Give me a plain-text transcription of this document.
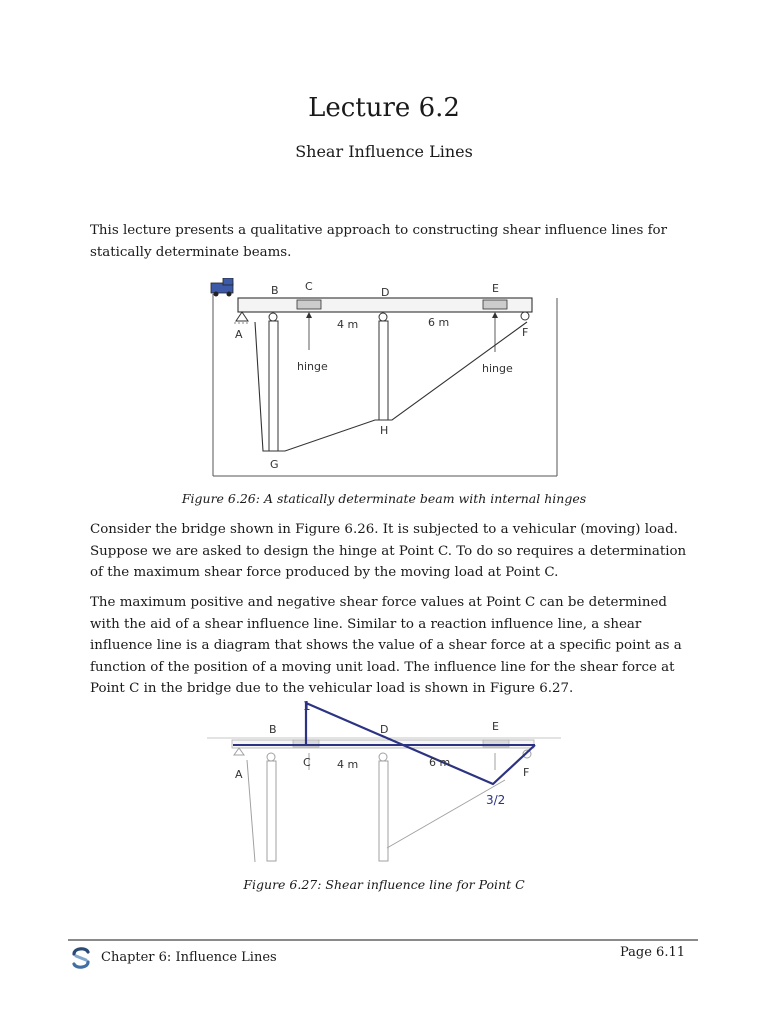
Lecture 6.2
Shear Influence Lines
This lecture presents a qualitative approach to constructing shear influence lines for statically determinate beams.
A
B C	D	E
F
G
H
hinge	hinge
4 m	6 m
Figure 6.26: A statically determinate beam with internal hinges
Consider the bridge shown in Figure 6.26. It is subjected to a vehicular (moving) load. Suppose we are asked to design the hinge at Point C. To do so requires a determination of the maximum shear force produced by the moving load at Point C.
The maximum positive and negative shear force values at Point C can be determined with the aid of a shear influence line. Similar to a reaction influence line, a shear influence line is a diagram that shows the value of a shear force at a specific point as a function of the position of a moving unit load. The influence line for the shear force at Point C in the bridge due to the vehicular load is shown in Figure 6.27.
A
B
C
D	E
F
4 m	6 m
1
3/2
Figure 6.27: Shear influence line for Point C
Chapter 6: Influence Lines	Page 6.11
